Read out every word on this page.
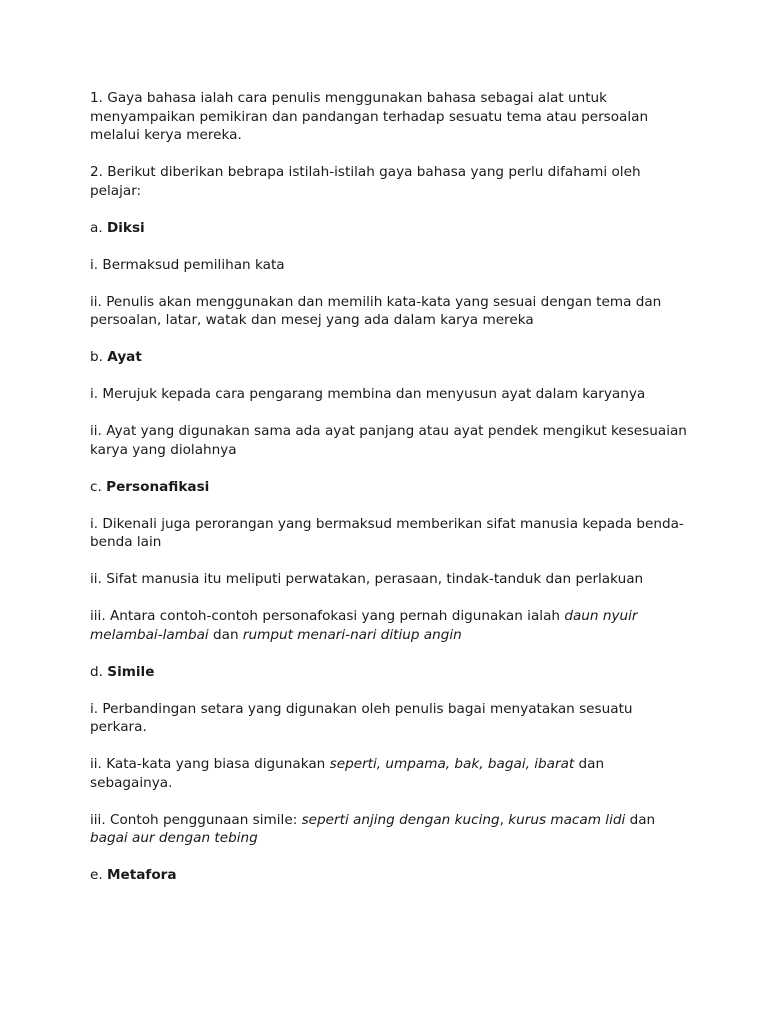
1. Gaya bahasa ialah cara penulis menggunakan bahasa sebagai alat untuk menyampaikan pemikiran dan pandangan terhadap sesuatu tema atau persoalan melalui kerya mereka.

2. Berikut diberikan bebrapa istilah-istilah gaya bahasa yang perlu difahami oleh pelajar:

a. Diksi

i. Bermaksud pemilihan kata

ii. Penulis akan menggunakan dan memilih kata-kata yang sesuai dengan tema dan persoalan, latar, watak dan mesej yang ada dalam karya mereka

b. Ayat

i. Merujuk kepada cara pengarang membina dan menyusun ayat dalam karyanya

ii. Ayat yang digunakan sama ada ayat panjang atau ayat pendek mengikut kesesuaian karya yang diolahnya

c. Personafikasi

i. Dikenali juga perorangan yang bermaksud memberikan sifat manusia kepada benda-benda lain

ii. Sifat manusia itu meliputi perwatakan, perasaan, tindak-tanduk dan perlakuan

iii. Antara contoh-contoh personafokasi yang pernah digunakan ialah daun nyuir melambai-lambai dan rumput menari-nari ditiup angin

d. Simile

i. Perbandingan setara yang digunakan oleh penulis bagai menyatakan sesuatu perkara.

ii. Kata-kata yang biasa digunakan seperti, umpama, bak, bagai, ibarat dan sebagainya.

iii. Contoh penggunaan simile: seperti anjing dengan kucing, kurus macam lidi dan bagai aur dengan tebing

e. Metafora
